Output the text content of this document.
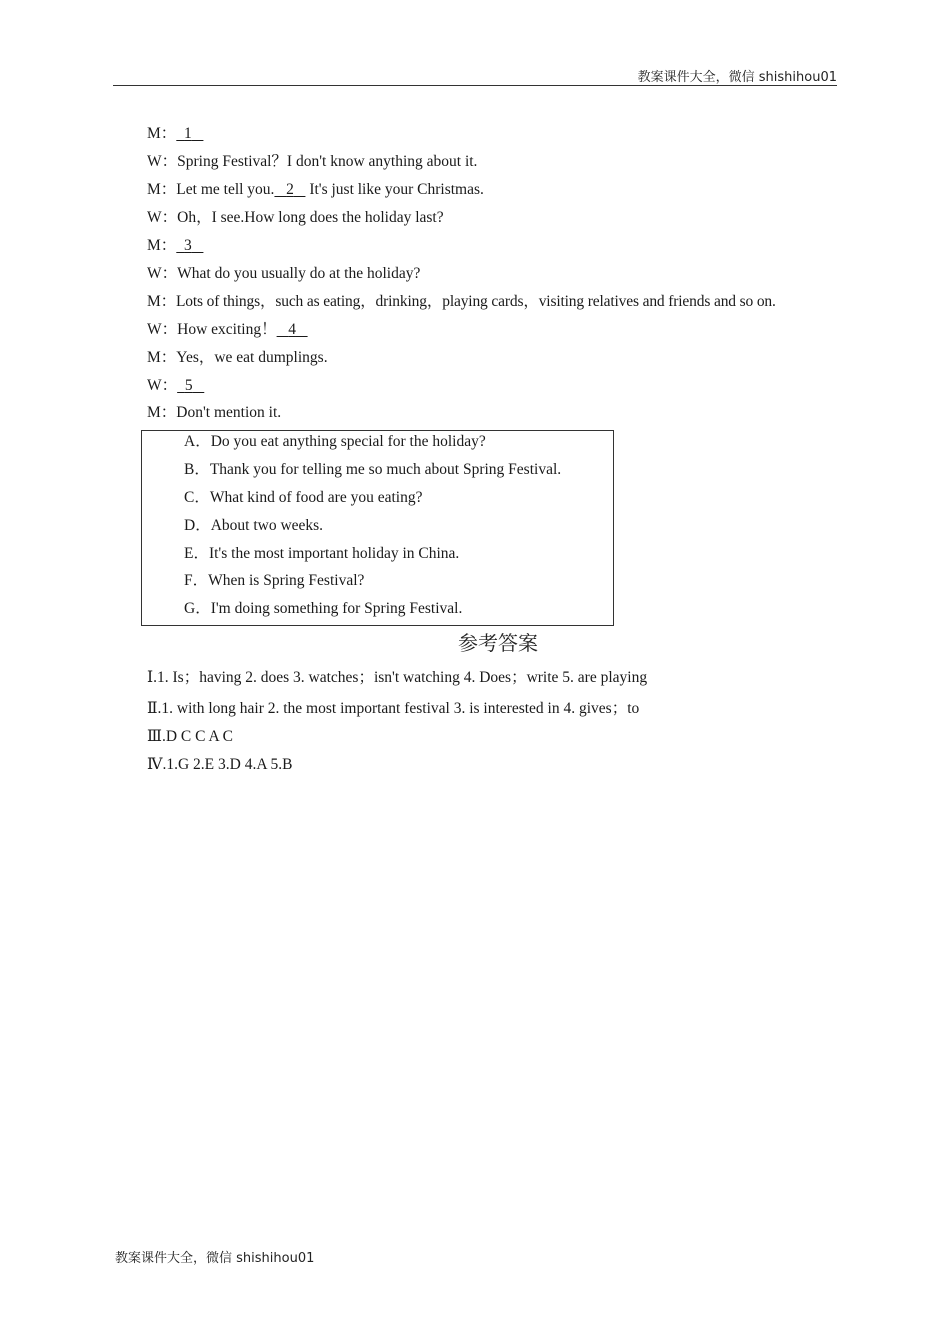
教案课件大全，微信 shishihou01
M： 1
W：Spring Festival？I don't know anything about it.
M：Let me tell you. 2    It's just like your Christmas.
W：Oh，I see.How long does the holiday last?
M： 3
W：What do you usually do at the holiday?
M：Lots of things，such as eating，drinking，playing cards，visiting relatives and friends and so on.
W：How exciting！ 4
M：Yes，we eat dumplings.
W： 5
M：Don't mention it.
A．Do you eat anything special for the holiday?
B．Thank you for telling me so much about Spring Festival.
C．What kind of food are you eating?
D．About two weeks.
E．It's the most important holiday in China.
F．When is Spring Festival?
G．I'm doing something for Spring Festival.
参考答案
Ⅰ.1. Is；having 2. does 3. watches；isn't watching 4. Does；write 5. are playing
Ⅱ.1. with long hair 2. the most important festival 3. is interested in 4. gives；to
Ⅲ.D C C A C
Ⅳ.1.G 2.E 3.D 4.A 5.B
教案课件大全，微信 shishihou01
